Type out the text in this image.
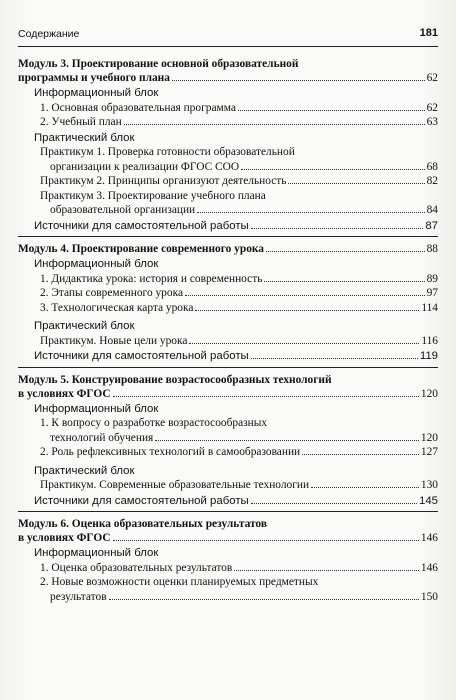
Содержание	181
Модуль 3. Проектирование основной образовательной
программы и учебного плана	62
Информационный блок
1. Основная образовательная программа	62
2. Учебный план	63
Практический блок
Практикум 1. Проверка готовности образовательной
организации к реализации ФГОС СОО	68
Практикум 2. Принципы организуют деятельность	82
Практикум 3. Проектирование учебного плана
образовательной организации	84
Источники для самостоятельной работы	87
Модуль 4. Проектирование современного урока	88
Информационный блок
1. Дидактика урока: история и современность	89
2. Этапы современного урока	97
3. Технологическая карта урока	114
Практический блок
Практикум. Новые цели урока	116
Источники для самостоятельной работы	119
Модуль 5. Конструирование возрастосообразных технологий
в условиях ФГОС	120
Информационный блок
1. К вопросу о разработке возрастосообразных
технологий обучения	120
2. Роль рефлексивных технологий в самообразовании	127
Практический блок
Практикум. Современные образовательные технологии	130
Источники для самостоятельной работы	145
Модуль 6. Оценка образовательных результатов
в условиях ФГОС	146
Информационный блок
1. Оценка образовательных результатов	146
2. Новые возможности оценки планируемых предметных
результатов	150
